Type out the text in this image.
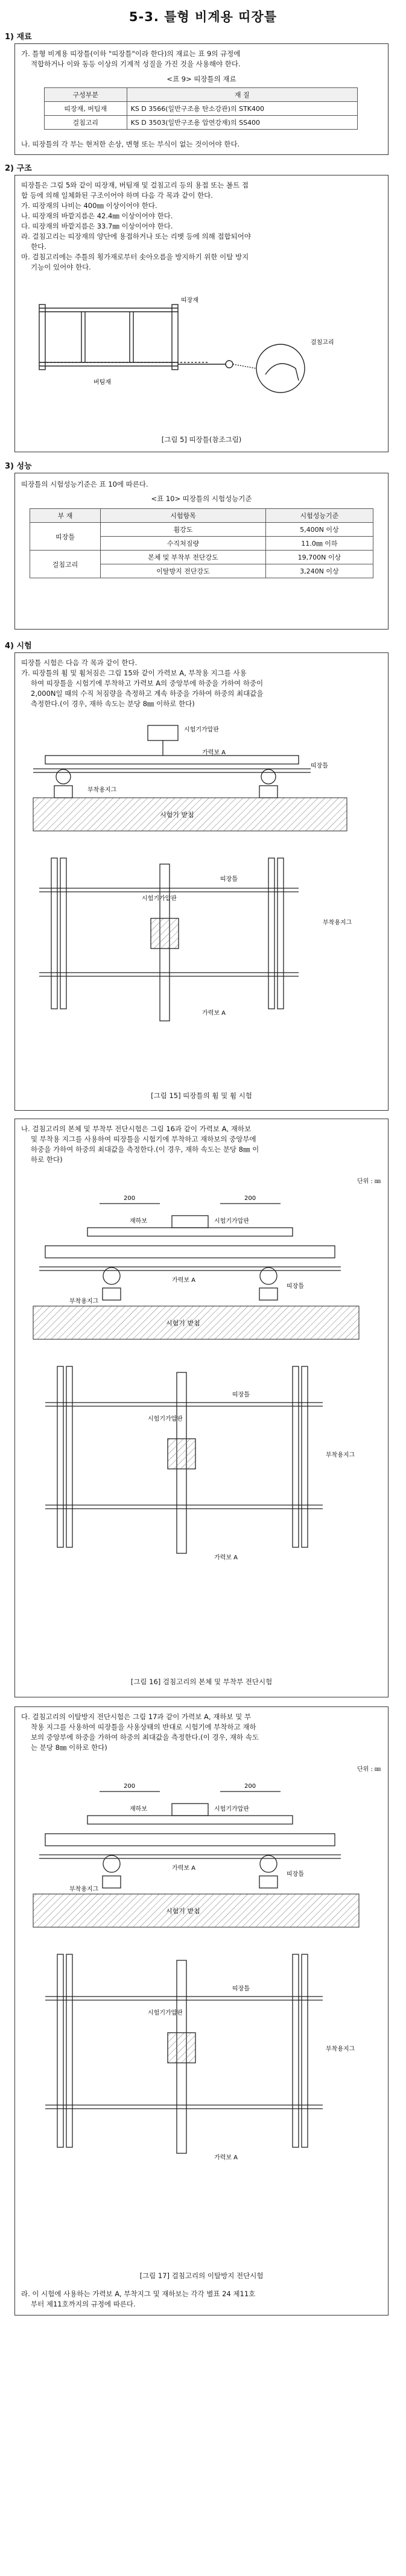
5-3. 틀형 비계용 띠장틀
1) 재료
가. 틀형 비계용 띠장틀(이하 "띠장틀"이라 한다)의 재료는 표 9의 규정에
적합하거나 이와 동등 이상의 기계적 성질을 가진 것을 사용해야 한다.
<표 9> 띠장틀의 재료
구성부분	재 질
띠장재, 버팀재	KS D 3566(일반구조용 탄소강관)의 STK400
걸침고리	KS D 3503(일반구조용 압연강재)의 SS400
나. 띠장틀의 각 부는 현저한 손상, 변형 또는 부식이 없는 것이어야 한다.
2) 구조
띠장틀은 그림 5와 같이 띠장재, 버팀재 및 걸침고리 등의 용접 또는 볼트 접
합 등에 의해 일체화된 구조이어야 하며 다음 각 목과 같이 한다.
가. 띠장재의 나비는 400㎜ 이상이어야 한다.
나. 띠장재의 바깥지름은 42.4㎜ 이상이어야 한다.
다. 띠장재의 바깥지름은 33.7㎜ 이상이어야 한다.
라. 걸침고리는 띠장재의 양단에 용접하거나 또는 리벳 등에 의해 접합되어야
한다.
마. 걸침고리에는 주틀의 횡가재로부터 솟아오름을 방지하기 위한 이탈 방지
기능이 있어야 한다.
띠장재
버팀재
걸침고리
[그림 5] 띠장틀(참조그림)
3) 성능
띠장틀의 시험성능기준은 표 10에 따른다.
<표 10> 띠장틀의 시험성능기준
부 재	시험항목	시험성능기준
띠장틀	휨강도	5,400N 이상
	수직처짐량	11.0㎜ 이하
걸침고리	본체 및 부착부 전단강도	19,700N 이상
	이탈방지 전단강도	3,240N 이상
4) 시험
띠장틀 시험은 다음 각 목과 같이 한다.
가. 띠장틀의 휨 및 휨처짐은 그림 15와 같이 가력보 A, 부착용 지그를 사용
하여 띠장틀을 시험기에 부착하고 가력보 A의 중앙부에 하중을 가하여 하중이
2,000N일 때의 수직 처짐량을 측정하고 계속 하중을 가하여 하중의 최대값을
측정한다.(이 경우, 재하 속도는 분당 8㎜ 이하로 한다)
시험기가압판
가력보 A
띠장틀
부착용지그
시험기 받침
시험기가압판
띠장틀
부착용지그
가력보 A
[그림 15] 띠장틀의 휨 및 휨 시험
나. 걸침고리의 본체 및 부착부 전단시험은 그림 16과 같이 가력보 A, 재하보
및 부착용 지그를 사용하여 띠장틀을 시험기에 부착하고 재하보의 중앙부에
하중을 가하여 하중의 최대값을 측정한다.(이 경우, 재하 속도는 분당 8㎜ 이
하로 한다)
단위 : ㎜
200	200
재하보	시험기가압판
가력보 A
띠장틀
부착용지그
시험기 받침
시험기가압판
띠장틀
부착용지그
가력보 A
[그림 16] 걸침고리의 본체 및 부착부 전단시험
다. 걸침고리의 이탈방지 전단시험은 그림 17과 같이 가력보 A, 재하보 및 부
착용 지그를 사용하여 띠장틀을 사용상태의 반대로 시험기에 부착하고 재하
보의 중앙부에 하중을 가하여 하중의 최대값을 측정한다.(이 경우, 재하 속도
는 분당 8㎜ 이하로 한다)
단위 : ㎜
200	200
재하보	시험기가압판
가력보 A
띠장틀
부착용지그
시험기 받침
시험기가압판
띠장틀
부착용지그
가력보 A
[그림 17] 걸침고리의 이탈방지 전단시험
라. 이 시험에 사용하는 가력보 A, 부착지그 및 재하보는 각각 별표 24 제11호
부터 제11호까지의 규정에 따른다.
